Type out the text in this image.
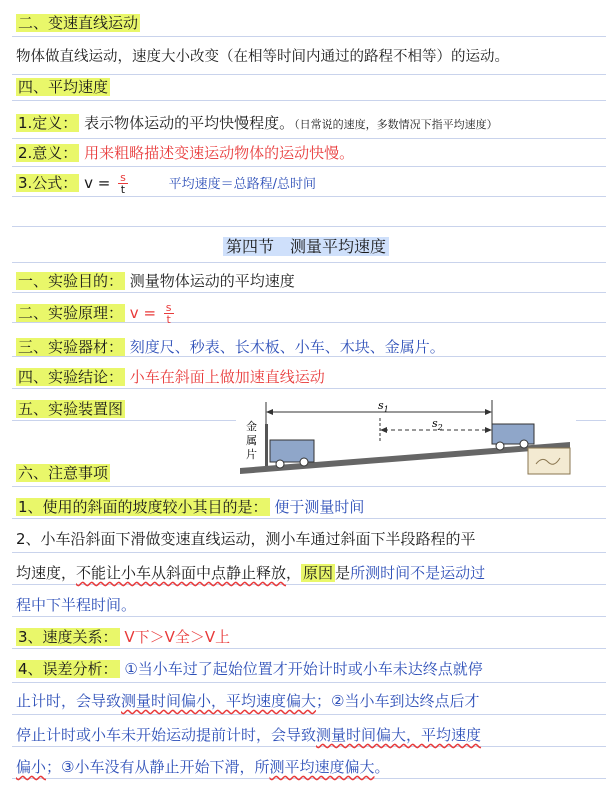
二、变速直线运动
物体做直线运动，速度大小改变（在相等时间内通过的路程不相等）的运动。
四、平均速度
1.定义： 表示物体运动的平均快慢程度。（日常说的速度，多数情况下指平均速度）
2.意义： 用来粗略描述变速运动物体的运动快慢。
3.公式： $v = \frac{s}{t}$	平均速度＝总路程/总时间
第四节　测量平均速度
一、实验目的： 测量物体运动的平均速度
二、实验原理： $v = \frac{s}{t}$
三、实验器材： 刻度尺、秒表、长木板、小车、木块、金属片。
四、实验结论： 小车在斜面上做加速直线运动
五、实验装置图
金
属
片
$s_1$
$s_2$
六、注意事项
1、使用的斜面的坡度较小其目的是： 便于测量时间
2、小车沿斜面下滑做变速直线运动，测小车通过斜面下半段路程的平
均速度，不能让小车从斜面中点静止释放， 原因 是所测时间不是运动过
程中下半程时间。
3、速度关系： V下＞V全＞V上
4、误差分析： ①当小车过了起始位置才开始计时或小车未达终点就停
止计时，会导致测量时间偏小，平均速度偏大；②当小车到达终点后才
停止计时或小车未开始运动提前计时，会导致测量时间偏大，平均速度
偏小；③小车没有从静止开始下滑，所测平均速度偏大。
